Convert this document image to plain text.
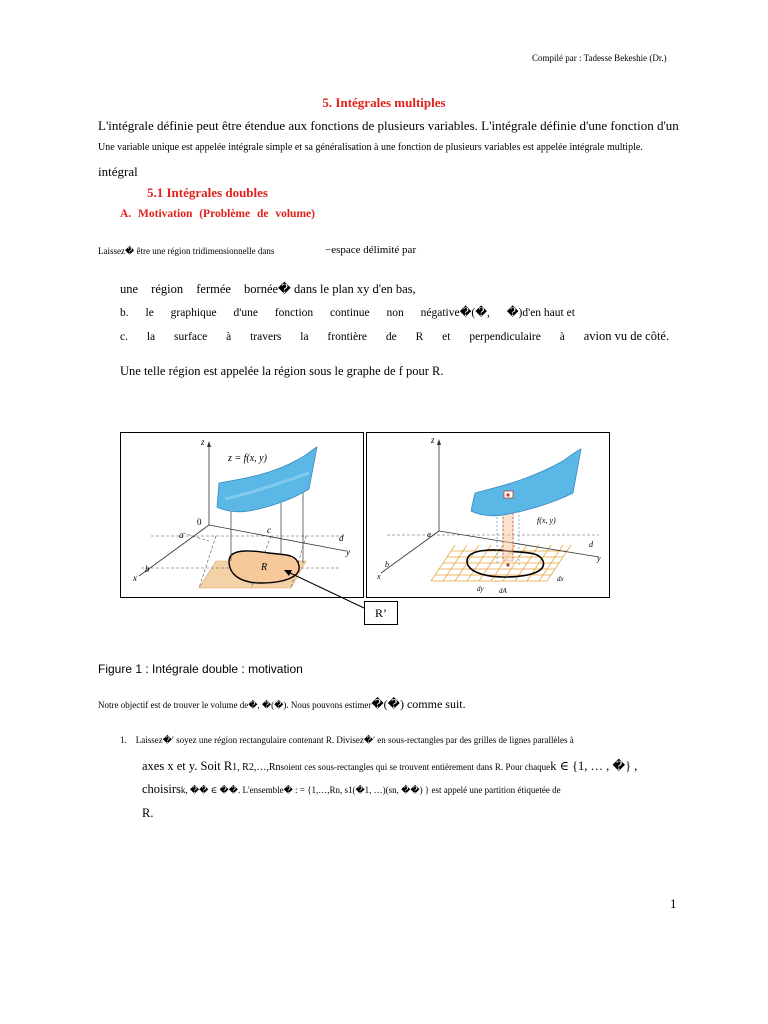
Compilé par : Tadesse Bekeshie (Dr.)
5. Intégrales multiples
L'intégrale définie peut être étendue aux fonctions de plusieurs variables. L'intégrale définie d'une fonction d'un
Une variable unique est appelée intégrale simple et sa généralisation à une fonction de plusieurs variables est appelée intégrale multiple.
intégral
5.1 Intégrales doubles
A. Motivation (Problème de volume)
Laissez� être une région tridimensionnelle dans	−espace délimité par
une région fermée bornée� dans le plan xy d'en bas,
b. le graphique d'une fonction continue non négative�(�, �)d'en haut et
c. la surface à travers la frontière de R et perpendiculaire à avion vu de côté.
Une telle région est appelée la région sous le graphe de f pour R.
z
z = f(x, y)
0
a
b
c
d
x
y
R
z
f(x, y)
a
b
d
x
y
dx
dy dA
R’
Figure 1 : Intégrale double : motivation
Notre objectif est de trouver le volume de�, �(�). Nous pouvons estimer�(�) comme suit.
1. Laissez�′ soyez une région rectangulaire contenant R. Divisez�′ en sous-rectangles par des grilles de lignes parallèles à
axes x et y. Soit R1, R2,…,Rnsoient ces sous-rectangles qui se trouvent entièrement dans R. Pour chaquek ∈ {1, … , �} ,
choisirsk, �� ∈ ��. L'ensemble� : = {1,…,Rn, s1(�1, …)(sn, ��) } est appelé une partition étiquetée de
R.
1
